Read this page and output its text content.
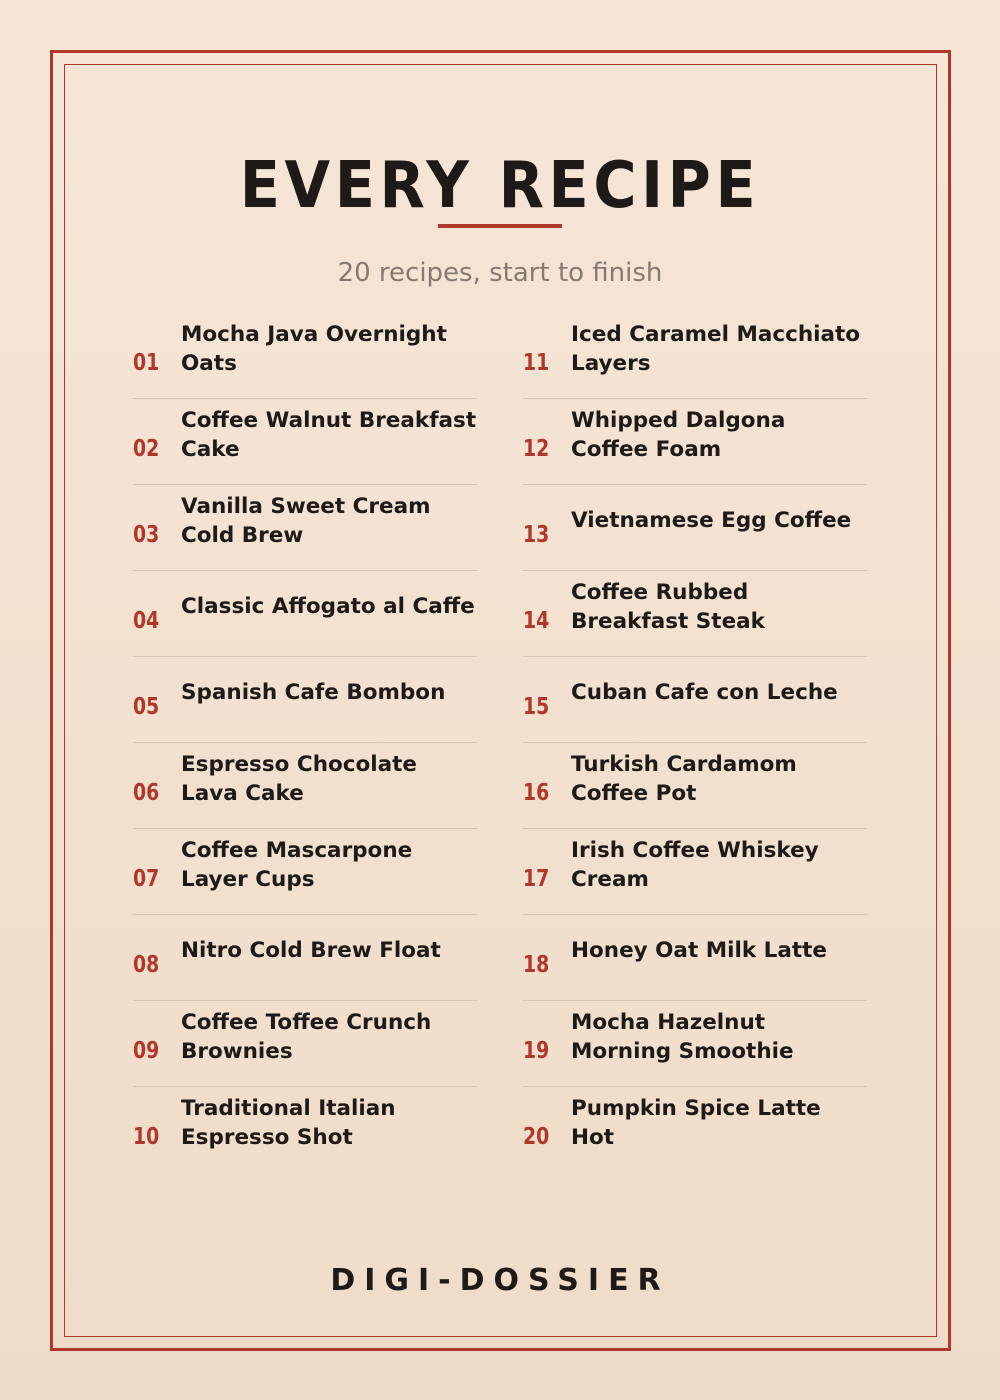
EVERY RECIPE
20 recipes, start to finish
01
Mocha Java Overnight Oats
02
Coffee Walnut Breakfast Cake
03
Vanilla Sweet Cream Cold Brew
04
Classic Affogato al Caffe
05
Spanish Cafe Bombon
06
Espresso Chocolate Lava Cake
07
Coffee Mascarpone Layer Cups
08
Nitro Cold Brew Float
09
Coffee Toffee Crunch Brownies
10
Traditional Italian Espresso Shot
11
Iced Caramel Macchiato Layers
12
Whipped Dalgona Coffee Foam
13
Vietnamese Egg Coffee
14
Coffee Rubbed Breakfast Steak
15
Cuban Cafe con Leche
16
Turkish Cardamom Coffee Pot
17
Irish Coffee Whiskey Cream
18
Honey Oat Milk Latte
19
Mocha Hazelnut Morning Smoothie
20
Pumpkin Spice Latte Hot
DIGI-DOSSIER
